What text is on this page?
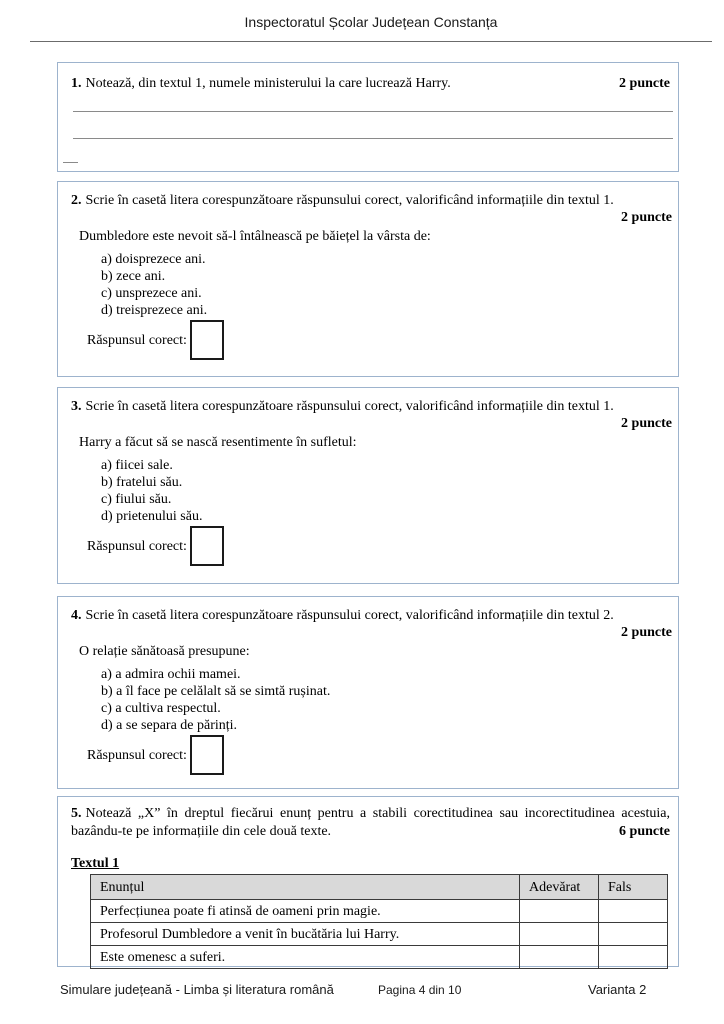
Inspectoratul Școlar Județean Constanța
1. Notează, din textul 1, numele ministerului la care lucrează Harry.	2 puncte
2. Scrie în casetă litera corespunzătoare răspunsului corect, valorificând informațiile din textul 1.
2 puncte
Dumbledore este nevoit să-l întâlnească pe băiețel la vârsta de:
a) doisprezece ani.
b) zece ani.
c) unsprezece ani.
d) treisprezece ani.
Răspunsul corect:
3. Scrie în casetă litera corespunzătoare răspunsului corect, valorificând informațiile din textul 1.
2 puncte
Harry a făcut să se nască resentimente în sufletul:
a) fiicei sale.
b) fratelui său.
c) fiului său.
d) prietenului său.
Răspunsul corect:
4. Scrie în casetă litera corespunzătoare răspunsului corect, valorificând informațiile din textul 2.
2 puncte
O relație sănătoasă presupune:
a) a admira ochii mamei.
b) a îl face pe celălalt să se simtă rușinat.
c) a cultiva respectul.
d) a se separa de părinți.
Răspunsul corect:
5. Notează „X” în dreptul fiecărui enunț pentru a stabili corectitudinea sau incorectitudinea acestuia, bazându-te pe informațiile din cele două texte.	6 puncte
Textul 1
Enunțul	Adevărat	Fals
Perfecțiunea poate fi atinsă de oameni prin magie.		
Profesorul Dumbledore a venit în bucătăria lui Harry.		
Este omenesc a suferi.		
Simulare județeană - Limba și literatura română	Pagina 4 din 10	Varianta 2
